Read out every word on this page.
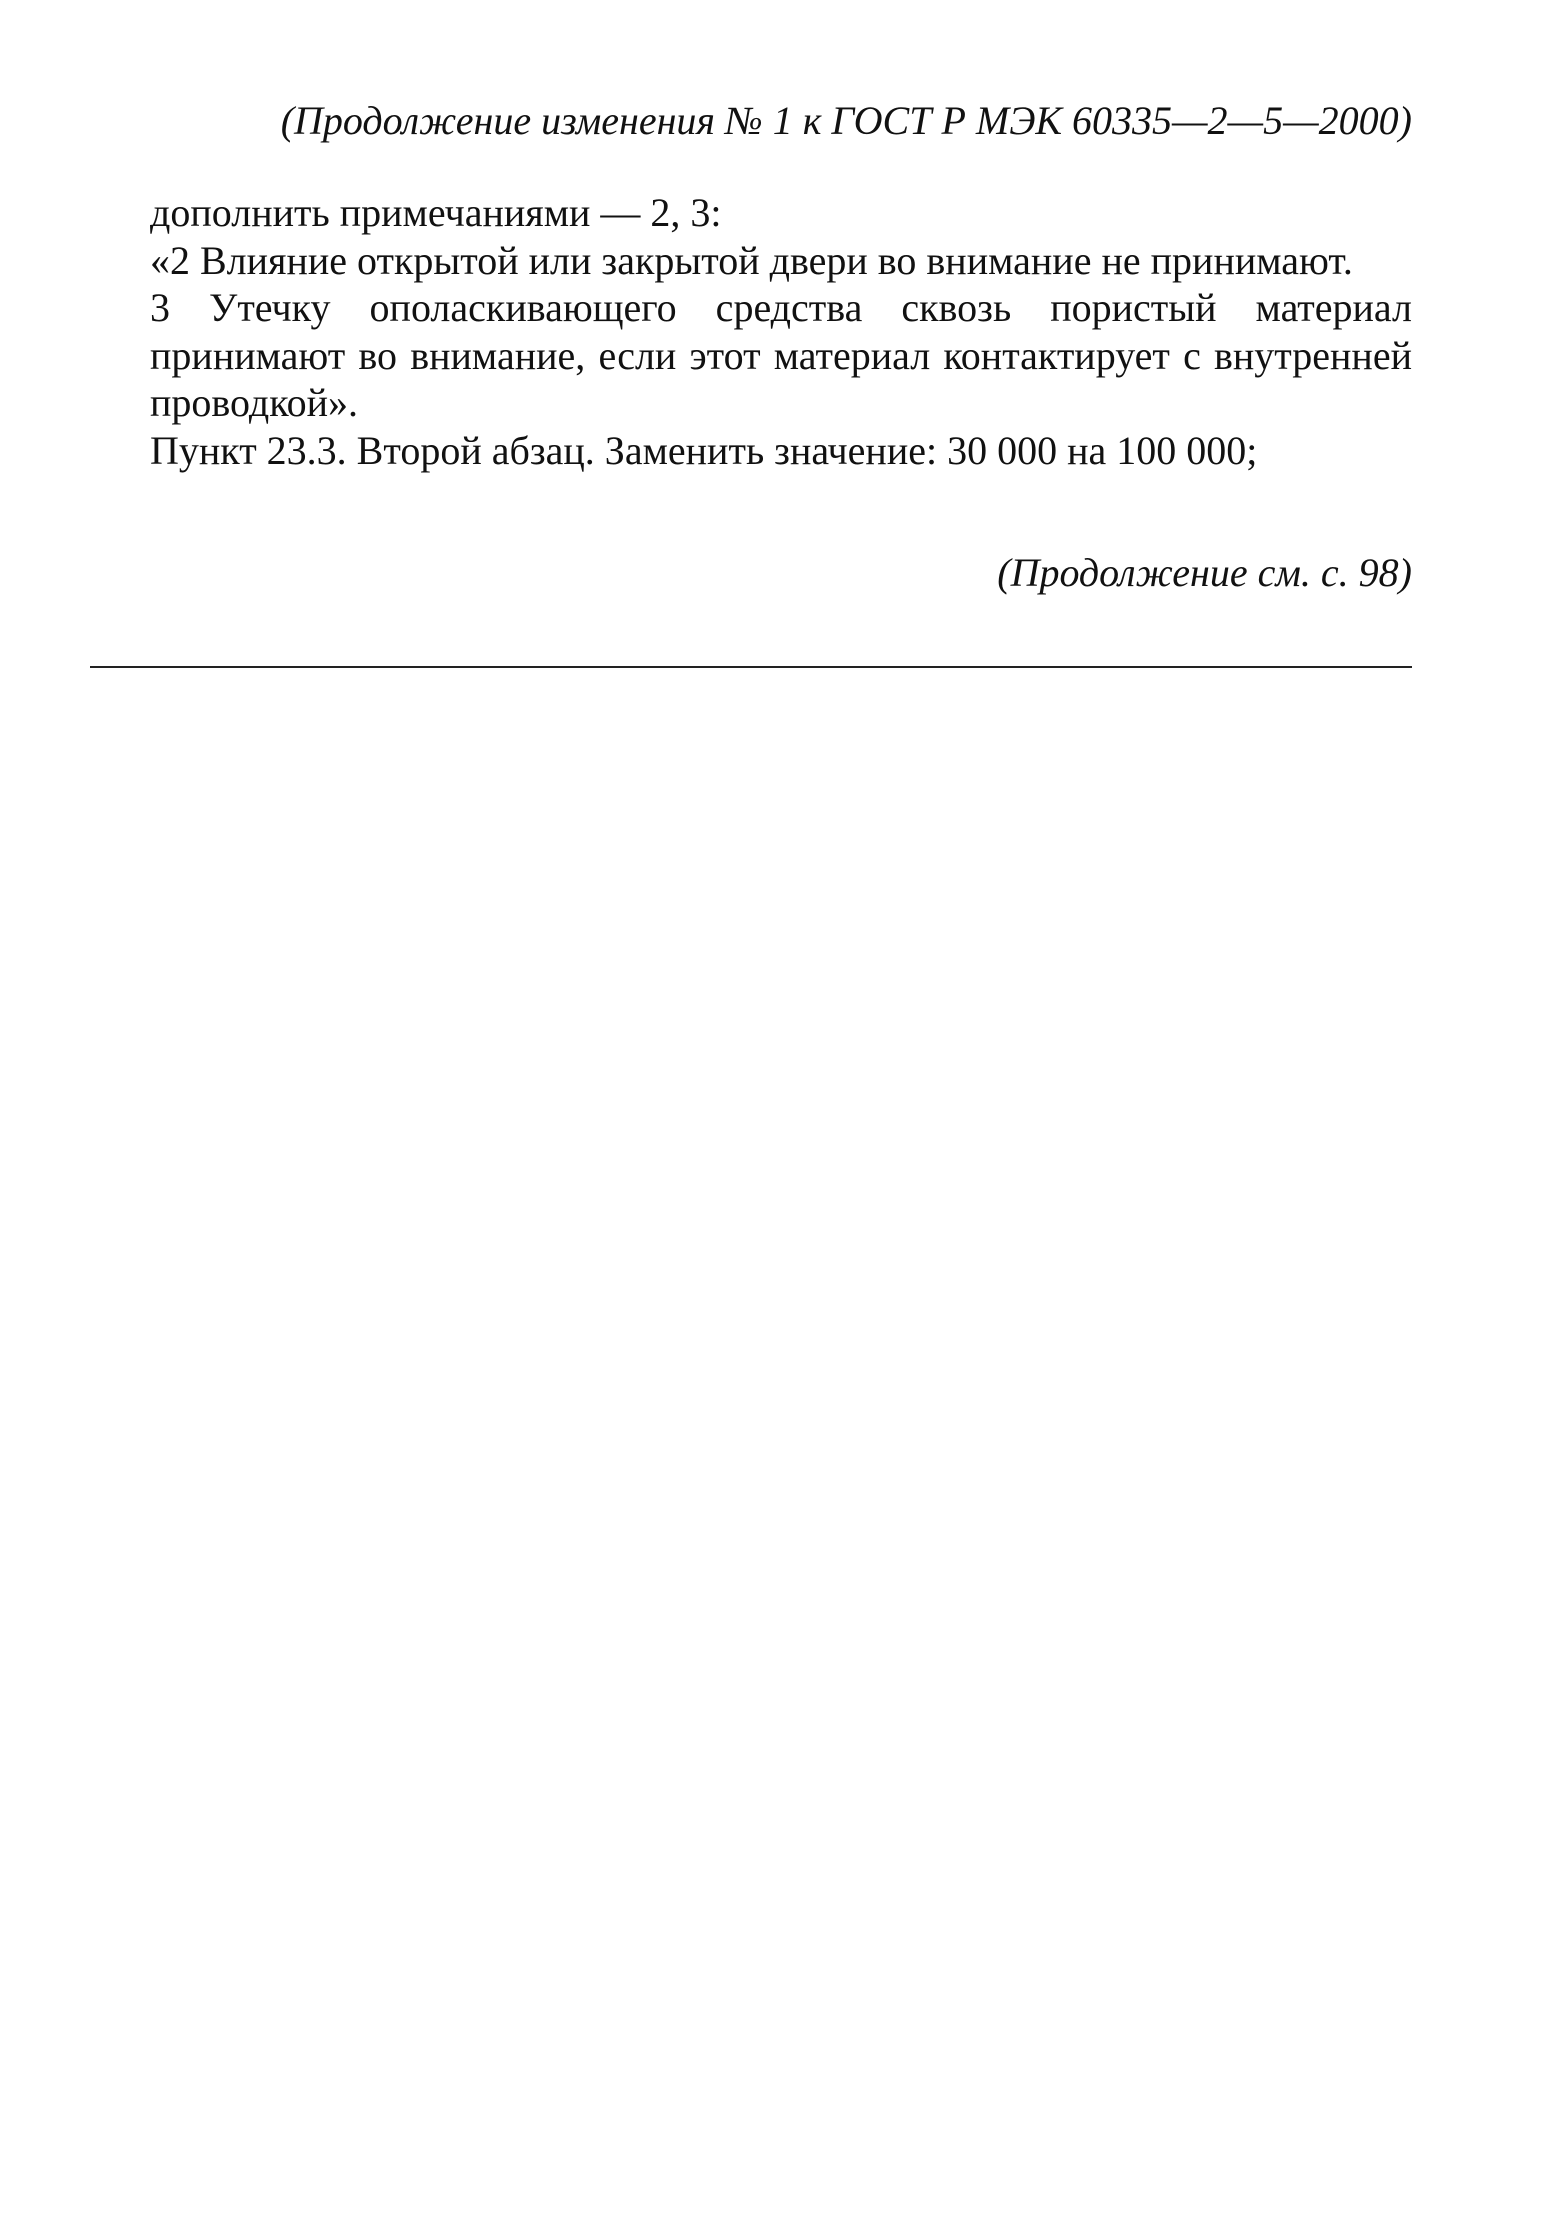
(Продолжение изменения № 1 к ГОСТ Р МЭК 60335—2—5—2000)

дополнить примечаниями — 2, 3:

«2 Влияние открытой или закрытой двери во внимание не принимают.

3 Утечку ополаскивающего средства сквозь пористый материал принимают во внимание, если этот материал контактирует с внутренней проводкой».

Пункт 23.3. Второй абзац. Заменить значение: 30 000 на 100 000;

(Продолжение см. с. 98)
